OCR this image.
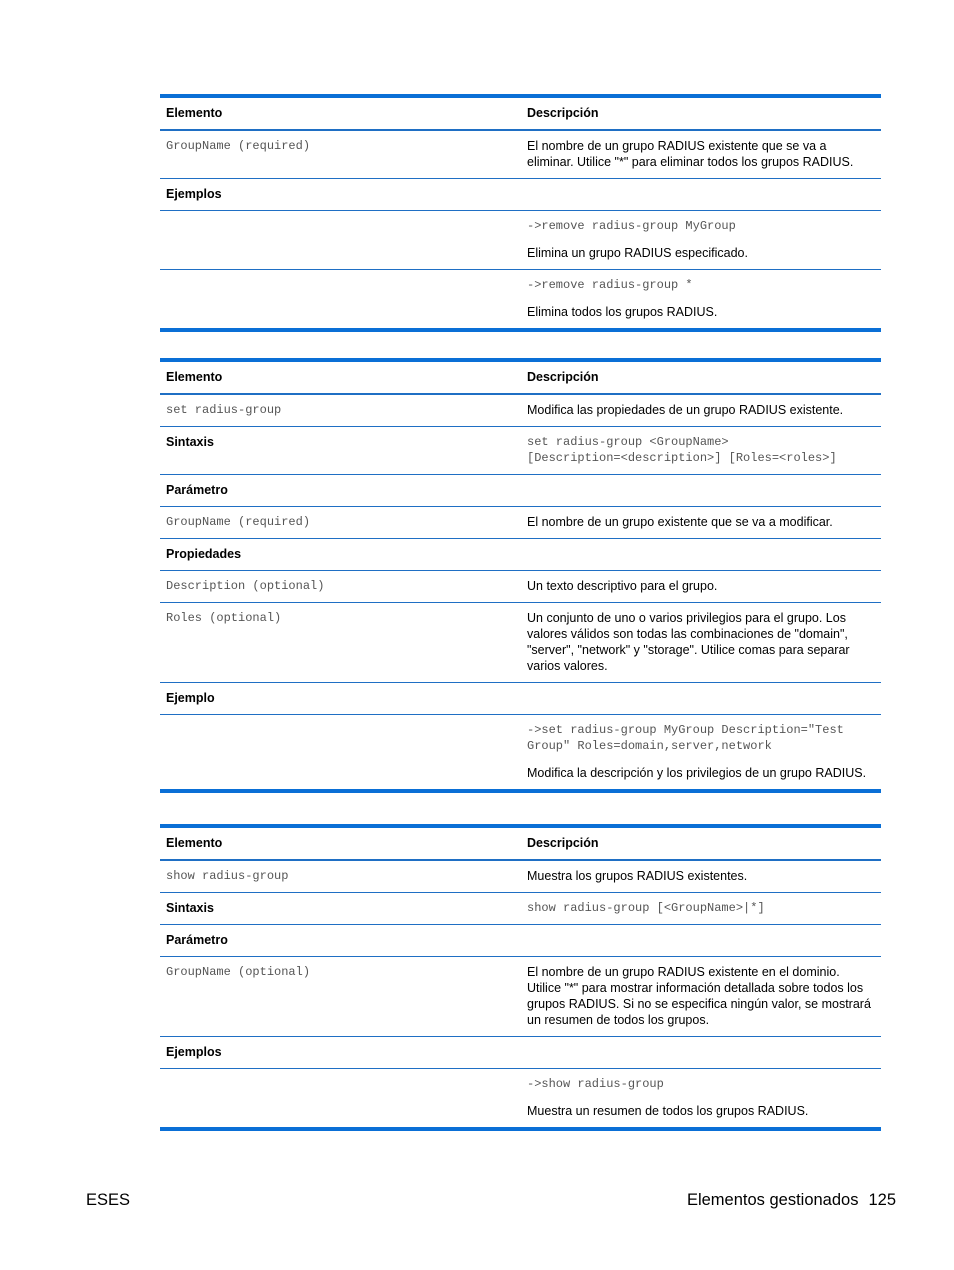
Elemento	Descripción
GroupName (required)	El nombre de un grupo RADIUS existente que se va a eliminar. Utilice "*" para eliminar todos los grupos RADIUS.
Ejemplos
->remove radius-group MyGroup
Elimina un grupo RADIUS especificado.
->remove radius-group *
Elimina todos los grupos RADIUS.
Elemento	Descripción
set radius-group	Modifica las propiedades de un grupo RADIUS existente.
Sintaxis	set radius-group <GroupName>
[Description=<description>] [Roles=<roles>]
Parámetro
GroupName (required)	El nombre de un grupo existente que se va a modificar.
Propiedades
Description (optional)	Un texto descriptivo para el grupo.
Roles (optional)	Un conjunto de uno o varios privilegios para el grupo. Los valores válidos son todas las combinaciones de "domain", "server", "network" y "storage". Utilice comas para separar varios valores.
Ejemplo
->set radius-group MyGroup Description="Test
Group" Roles=domain,server,network
Modifica la descripción y los privilegios de un grupo RADIUS.
Elemento	Descripción
show radius-group	Muestra los grupos RADIUS existentes.
Sintaxis	show radius-group [<GroupName>|*]
Parámetro
GroupName (optional)	El nombre de un grupo RADIUS existente en el dominio. Utilice "*" para mostrar información detallada sobre todos los grupos RADIUS. Si no se especifica ningún valor, se mostrará un resumen de todos los grupos.
Ejemplos
->show radius-group
Muestra un resumen de todos los grupos RADIUS.
ESES	Elementos gestionados 125
